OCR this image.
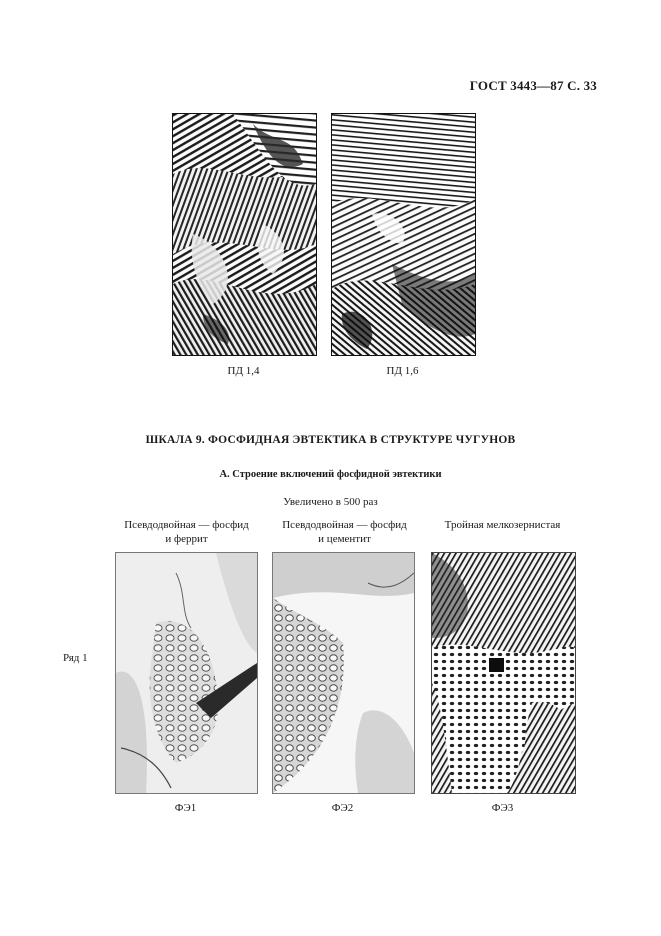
ГОСТ 3443—87 С. 33
ПД 1,4	ПД 1,6
ШКАЛА 9. ФОСФИДНАЯ ЭВТЕКТИКА В СТРУКТУРЕ ЧУГУНОВ
А. Строение включений фосфидной эвтектики
Увеличено в 500 раз
Псевдодвойная — фосфид
и феррит
Псевдодвойная — фосфид
и цементит
Тройная мелкозернистая
Ряд 1
ФЭ1	ФЭ2	ФЭ3
